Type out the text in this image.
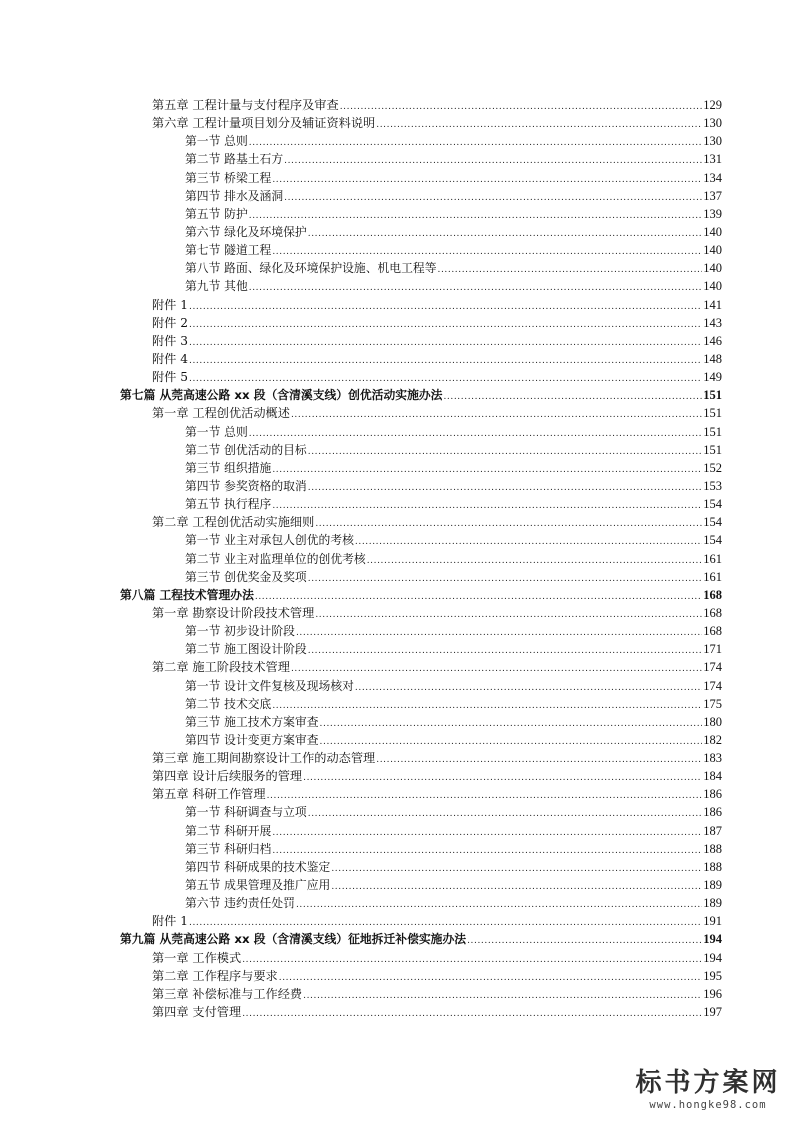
第五章 工程计量与支付程序及审查 .....	129
第六章 工程计量项目划分及辅证资料说明 .....	130
第一节 总则 .....	130
第二节 路基土石方 .....	131
第三节 桥梁工程 .....	134
第四节 排水及涵洞 .....	137
第五节 防护 .....	139
第六节 绿化及环境保护 .....	140
第七节 隧道工程 .....	140
第八节 路面、绿化及环境保护设施、机电工程等 .....	140
第九节 其他 .....	140
附件 1 .....	141
附件 2 .....	143
附件 3 .....	146
附件 4 .....	148
附件 5 .....	149
第七篇 从莞高速公路 xx 段（含清溪支线）创优活动实施办法 .....	151
第一章 工程创优活动概述 .....	151
第一节 总则 .....	151
第二节 创优活动的目标 .....	151
第三节 组织措施 .....	152
第四节 参奖资格的取消 .....	153
第五节 执行程序 .....	154
第二章 工程创优活动实施细则 .....	154
第一节 业主对承包人创优的考核 .....	154
第二节 业主对监理单位的创优考核 .....	161
第三节 创优奖金及奖项 .....	161
第八篇 工程技术管理办法 .....	168
第一章 勘察设计阶段技术管理 .....	168
第一节 初步设计阶段 .....	168
第二节 施工图设计阶段 .....	171
第二章 施工阶段技术管理 .....	174
第一节 设计文件复核及现场核对 .....	174
第二节 技术交底 .....	175
第三节 施工技术方案审查 .....	180
第四节 设计变更方案审查 .....	182
第三章 施工期间勘察设计工作的动态管理 .....	183
第四章 设计后续服务的管理 .....	184
第五章 科研工作管理 .....	186
第一节 科研调查与立项 .....	186
第二节 科研开展 .....	187
第三节 科研归档 .....	188
第四节 科研成果的技术鉴定 .....	188
第五节 成果管理及推广应用 .....	189
第六节 违约责任处罚 .....	189
附件 1 .....	191
第九篇 从莞高速公路 xx 段（含清溪支线）征地拆迁补偿实施办法 .....	194
第一章 工作模式 .....	194
第二章 工作程序与要求 .....	195
第三章 补偿标准与工作经费 .....	196
第四章 支付管理 .....	197
标书方案网
www.hongke98.com
